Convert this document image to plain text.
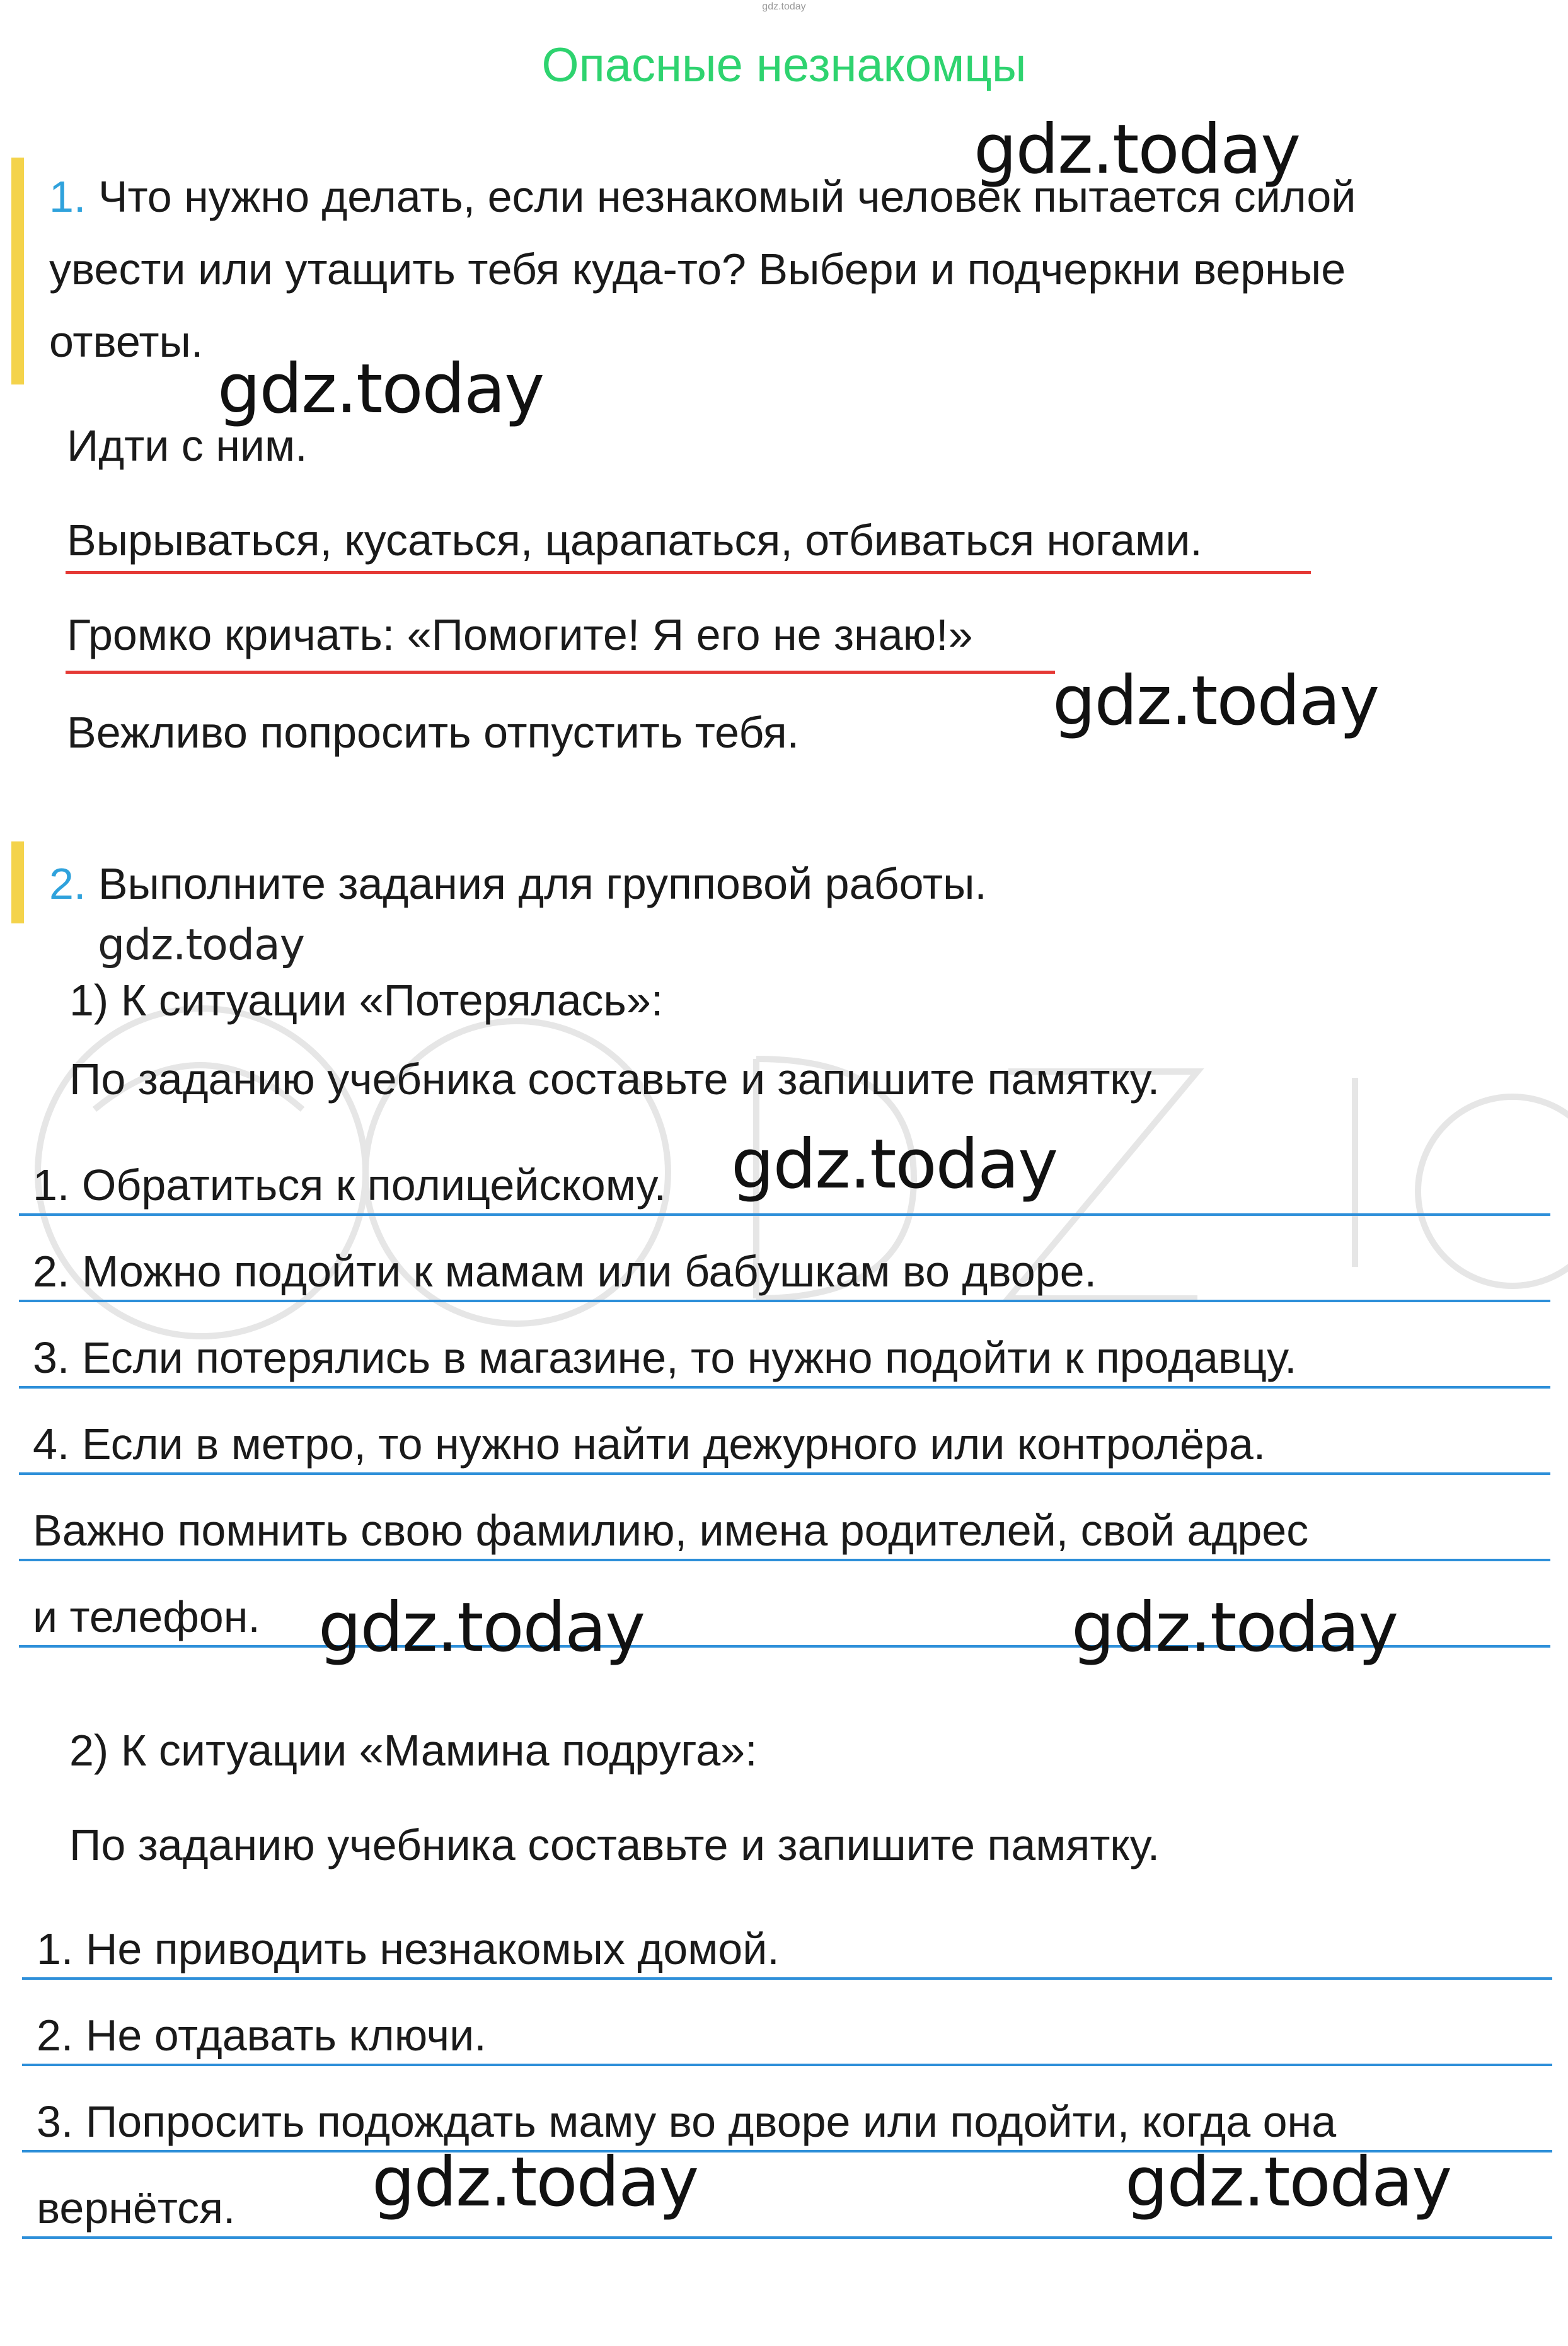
gdz.today
Опасные незнакомцы
1. Что нужно делать, если незнакомый человек пытается силой
увести или утащить тебя куда-то? Выбери и подчеркни верные
ответы.
Идти с ним.
Вырываться, кусаться, царапаться, отбиваться ногами.
Громко кричать: «Помогите! Я его не знаю!»
Вежливо попросить отпустить тебя.
2. Выполните задания для групповой работы.
1) К ситуации «Потерялась»:
По заданию учебника составьте и запишите памятку.
1. Обратиться к полицейскому.
2. Можно подойти к мамам или бабушкам во дворе.
3. Если потерялись в магазине, то нужно подойти к продавцу.
4. Если в метро, то нужно найти дежурного или контролёра.
Важно помнить свою фамилию, имена родителей, свой адрес
и телефон.
2) К ситуации «Мамина подруга»:
По заданию учебника составьте и запишите памятку.
1. Не приводить незнакомых домой.
2. Не отдавать ключи.
3. Попросить подождать маму во дворе или подойти, когда она
вернётся.
gdz.today
gdz.today
gdz.today
gdz.today
gdz.today
gdz.today	gdz.today
gdz.today	gdz.today
